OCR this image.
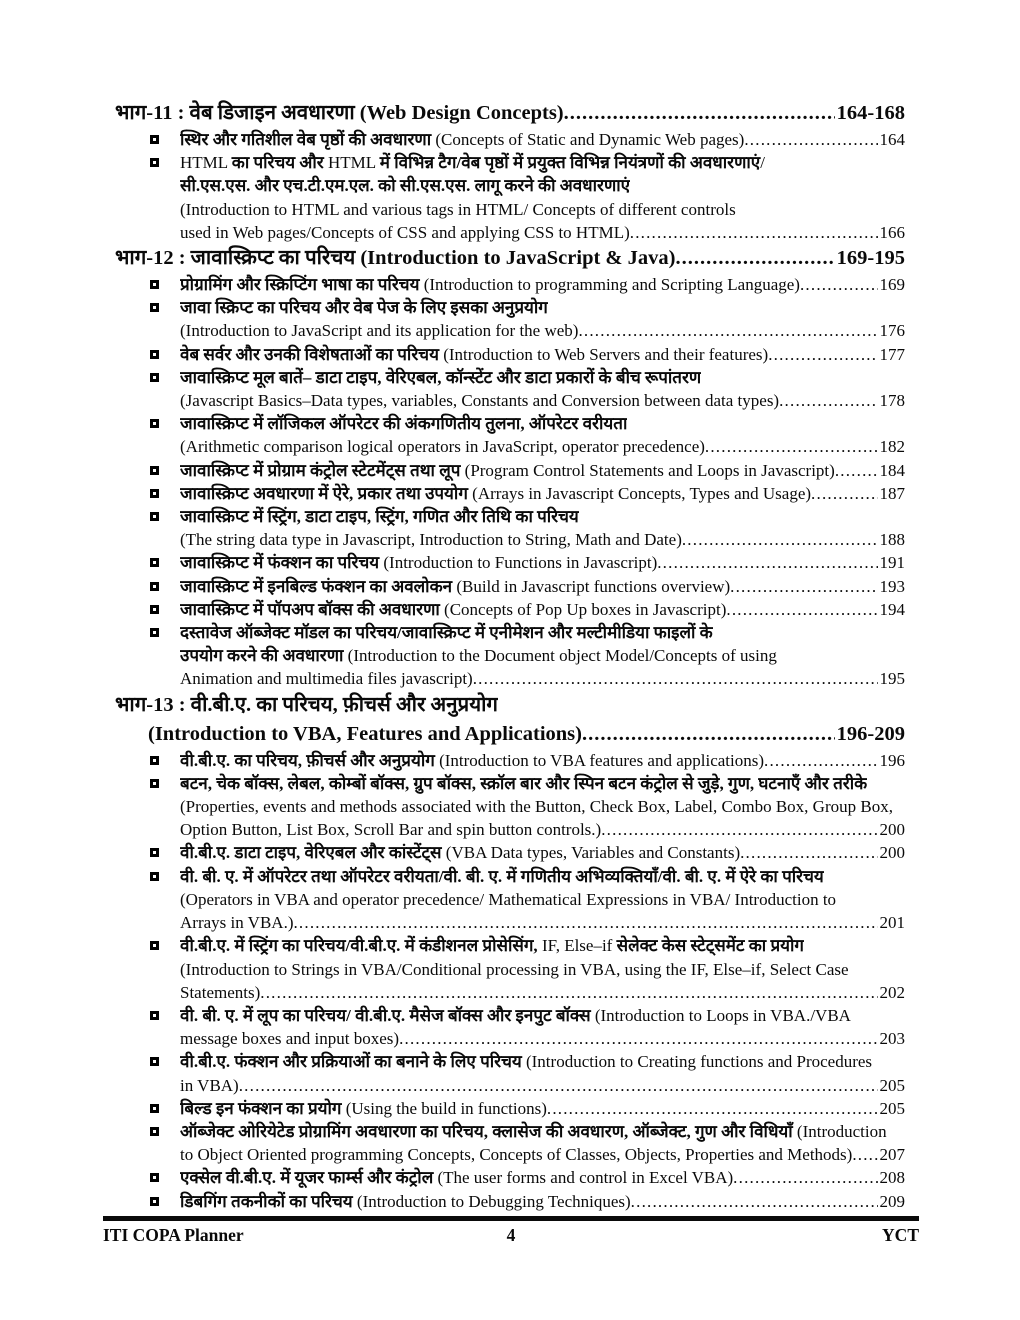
भाग-11 : वेब डिजाइन अवधारणा (Web Design Concepts) .....	164-168
स्थिर और गतिशील वेब पृष्ठों की अवधारणा (Concepts of Static and Dynamic Web pages) .....	164
HTML का परिचय और HTML में विभिन्न टैग/वेब पृष्ठों में प्रयुक्त विभिन्न नियंत्रणों की अवधारणाएं/
सी.एस.एस. और एच.टी.एम.एल. को सी.एस.एस. लागू करने की अवधारणाएं
(Introduction to HTML and various tags in HTML/ Concepts of different controls
used in Web pages/Concepts of CSS and applying CSS to HTML) .....	166
भाग-12 : जावास्क्रिप्ट का परिचय (Introduction to JavaScript & Java) .....	169-195
प्रोग्रामिंग और स्क्रिप्टिंग भाषा का परिचय (Introduction to programming and Scripting Language) .....	169
जावा स्क्रिप्ट का परिचय और वेब पेज के लिए इसका अनुप्रयोग
(Introduction to JavaScript and its application for the web) .....	176
वेब सर्वर और उनकी विशेषताओं का परिचय (Introduction to Web Servers and their features) .....	177
जावास्क्रिप्ट मूल बातें– डाटा टाइप, वेरिएबल, कॉन्स्टेंट और डाटा प्रकारों के बीच रूपांतरण
(Javascript Basics–Data types, variables, Constants and Conversion between data types) .....	178
जावास्क्रिप्ट में लॉजिकल ऑपरेटर की अंकगणितीय तुलना, ऑपरेटर वरीयता
(Arithmetic comparison logical operators in JavaScript, operator precedence) .....	182
जावास्क्रिप्ट में प्रोग्राम कंट्रोल स्टेटमेंट्स तथा लूप (Program Control Statements and Loops in Javascript) .....	184
जावास्क्रिप्ट अवधारणा में ऐरे, प्रकार तथा उपयोग (Arrays in Javascript Concepts, Types and Usage) .....	187
जावास्क्रिप्ट में स्ट्रिंग, डाटा टाइप, स्ट्रिंग, गणित और तिथि का परिचय
(The string data type in Javascript, Introduction to String, Math and Date) .....	188
जावास्क्रिप्ट में फंक्शन का परिचय (Introduction to Functions in Javascript) .....	191
जावास्क्रिप्ट में इनबिल्ड फंक्शन का अवलोकन (Build in Javascript functions overview) .....	193
जावास्क्रिप्ट में पॉपअप बॉक्स की अवधारणा (Concepts of Pop Up boxes in Javascript) .....	194
दस्तावेज ऑब्जेक्ट मॉडल का परिचय/जावास्क्रिप्ट में एनीमेशन और मल्टीमीडिया फाइलों के
उपयोग करने की अवधारणा (Introduction to the Document object Model/Concepts of using
Animation and multimedia files javascript) .....	195
भाग-13 : वी.बी.ए. का परिचय, फ़ीचर्स और अनुप्रयोग
(Introduction to VBA, Features and Applications) .....	196-209
वी.बी.ए. का परिचय, फ़ीचर्स और अनुप्रयोग (Introduction to VBA features and applications) .....	196
बटन, चेक बॉक्स, लेबल, कोम्बों बॉक्स, ग्रुप बॉक्स, स्क्रॉल बार और स्पिन बटन कंट्रोल से जुड़े, गुण, घटनाएँ और तरीके
(Properties, events and methods associated with the Button, Check Box, Label, Combo Box, Group Box,
Option Button, List Box, Scroll Bar and spin button controls.) .....	200
वी.बी.ए. डाटा टाइप, वेरिएबल और कांस्टेंट्स (VBA Data types, Variables and Constants) .....	200
वी. बी. ए. में ऑपरेटर तथा ऑपरेटर वरीयता/वी. बी. ए. में गणितीय अभिव्यक्तियाँ/वी. बी. ए. में ऐरे का परिचय
(Operators in VBA and operator precedence/ Mathematical Expressions in VBA/ Introduction to
Arrays in VBA.) .....	201
वी.बी.ए. में स्ट्रिंग का परिचय/वी.बी.ए. में कंडीशनल प्रोसेसिंग, IF, Else–if सेलेक्ट केस स्टेट्समेंट का प्रयोग
(Introduction to Strings in VBA/Conditional processing in VBA, using the IF, Else–if, Select Case
Statements) .....	202
वी. बी. ए. में लूप का परिचय/ वी.बी.ए. मैसेज बॉक्स और इनपुट बॉक्स (Introduction to Loops in VBA./VBA
message boxes and input boxes) .....	203
वी.बी.ए. फंक्शन और प्रक्रियाओं का बनाने के लिए परिचय (Introduction to Creating functions and Procedures
in VBA) .....	205
बिल्ड इन फंक्शन का प्रयोग (Using the build in functions) .....	205
ऑब्जेक्ट ओरियेटेड प्रोग्रामिंग अवधारणा का परिचय, क्लासेज की अवधारण, ऑब्जेक्ट, गुण और विधियाँ (Introduction
to Object Oriented programming Concepts, Concepts of Classes, Objects, Properties and Methods) ..... 207
एक्सेल वी.बी.ए. में यूजर फार्म्स और कंट्रोल (The user forms and control in Excel VBA) .....	208
डिबगिंग तकनीकों का परिचय (Introduction to Debugging Techniques) .....	209
ITI COPA Planner	4	YCT
